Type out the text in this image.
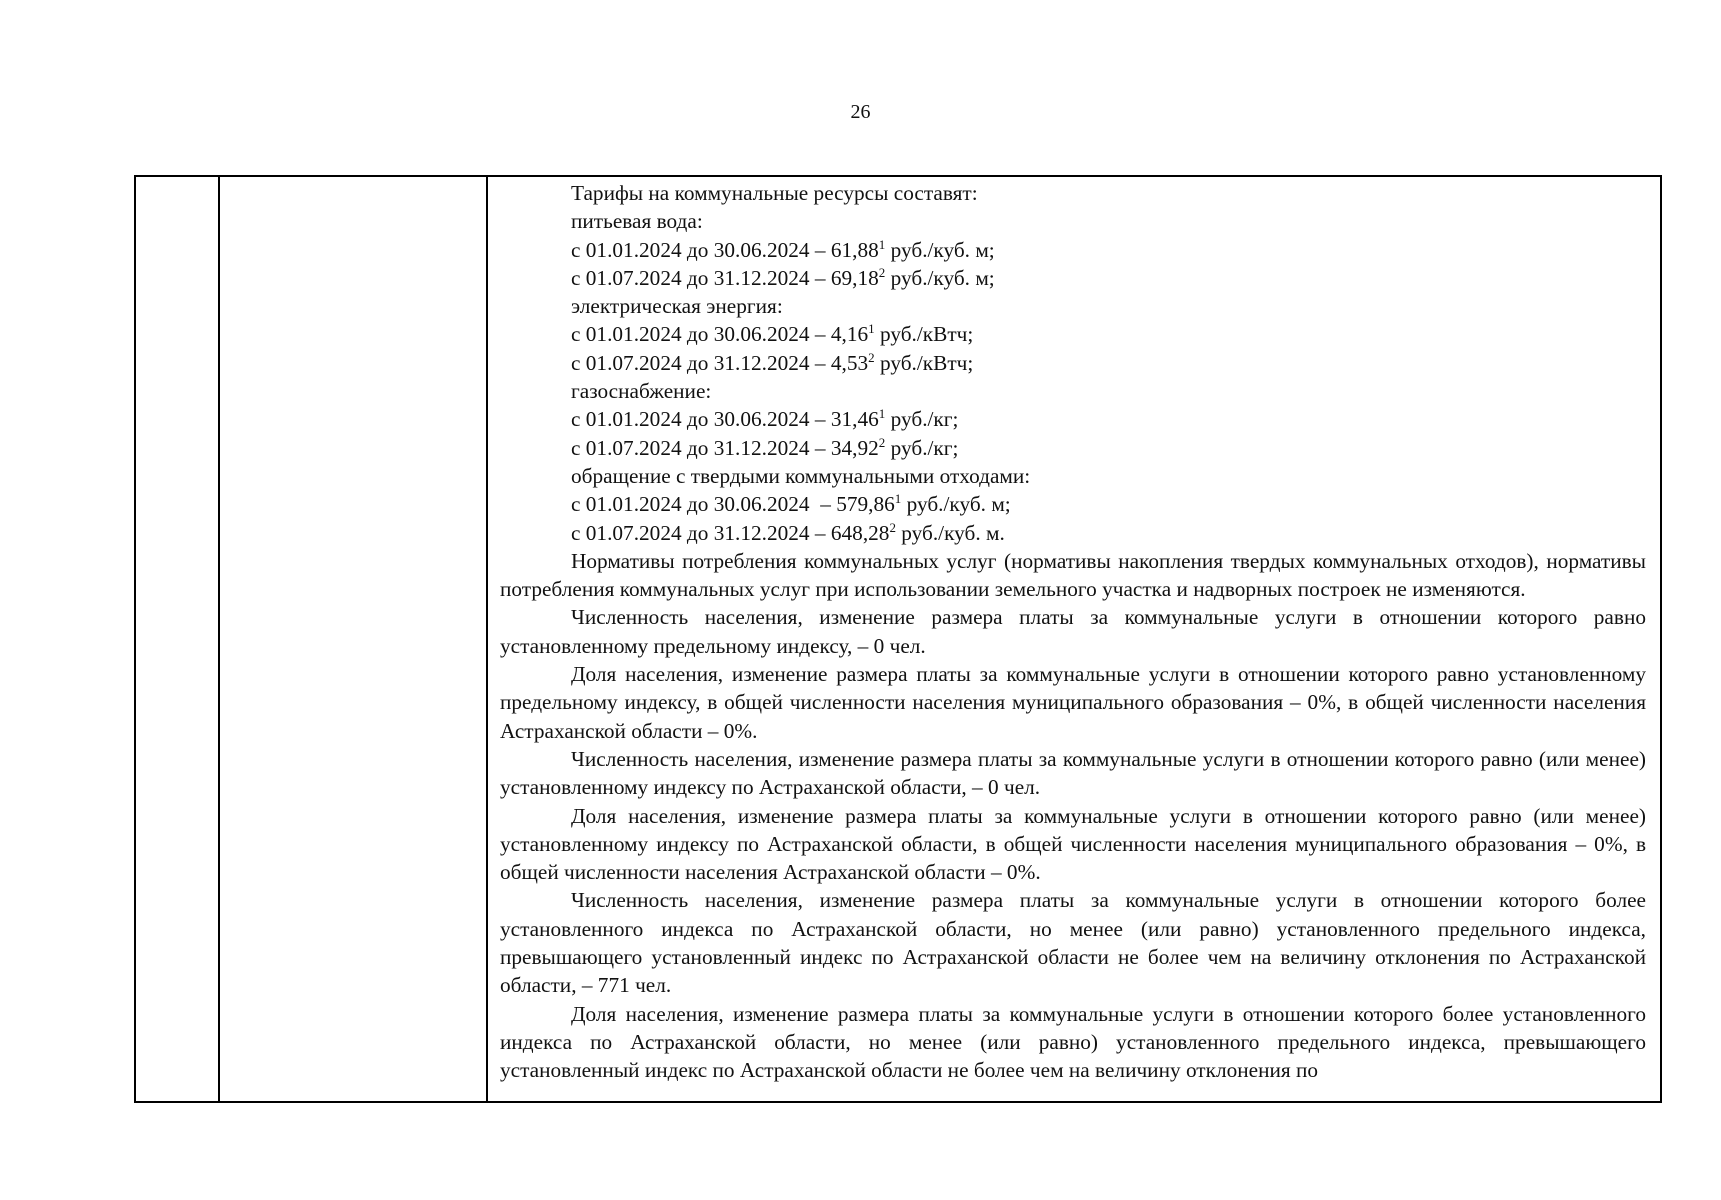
26
Тарифы на коммунальные ресурсы составят:
питьевая вода:
с 01.01.2024 до 30.06.2024 – 61,88$^1$ руб./куб. м;
с 01.07.2024 до 31.12.2024 – 69,18$^2$ руб./куб. м;
электрическая энергия:
с 01.01.2024 до 30.06.2024 – 4,16$^1$ руб./кВтч;
с 01.07.2024 до 31.12.2024 – 4,53$^2$ руб./кВтч;
газоснабжение:
с 01.01.2024 до 30.06.2024 – 31,46$^1$ руб./кг;
с 01.07.2024 до 31.12.2024 – 34,92$^2$ руб./кг;
обращение с твердыми коммунальными отходами:
с 01.01.2024 до 30.06.2024  – 579,86$^1$ руб./куб. м;
с 01.07.2024 до 31.12.2024 – 648,28$^2$ руб./куб. м.

Нормативы потребления коммунальных услуг (нормативы накопления твердых коммунальных отходов), нормативы потребления коммунальных услуг при использовании земельного участка и надворных построек не изменяются.

Численность населения, изменение размера платы за коммунальные услуги в отношении которого равно установленному предельному индексу, – 0 чел.

Доля населения, изменение размера платы за коммунальные услуги в отношении которого равно установленному предельному индексу, в общей численности населения муниципального образования – 0%, в общей численности населения Астраханской области – 0%.

Численность населения, изменение размера платы за коммунальные услуги в отношении которого равно (или менее) установленному индексу по Астраханской области, – 0 чел.

Доля населения, изменение размера платы за коммунальные услуги в отношении которого равно (или менее) установленному индексу по Астраханской области, в общей численности населения муниципального образования – 0%, в общей численности населения Астраханской области – 0%.

Численность населения, изменение размера платы за коммунальные услуги в отношении которого более установленного индекса по Астраханской области, но менее (или равно) установленного предельного индекса, превышающего установленный индекс по Астраханской области не более чем на величину отклонения по Астраханской области, – 771 чел.

Доля населения, изменение размера платы за коммунальные услуги в отношении которого более установленного индекса по Астраханской области, но менее (или равно) установленного предельного индекса, превышающего установленный индекс по Астраханской области не более чем на величину отклонения по
